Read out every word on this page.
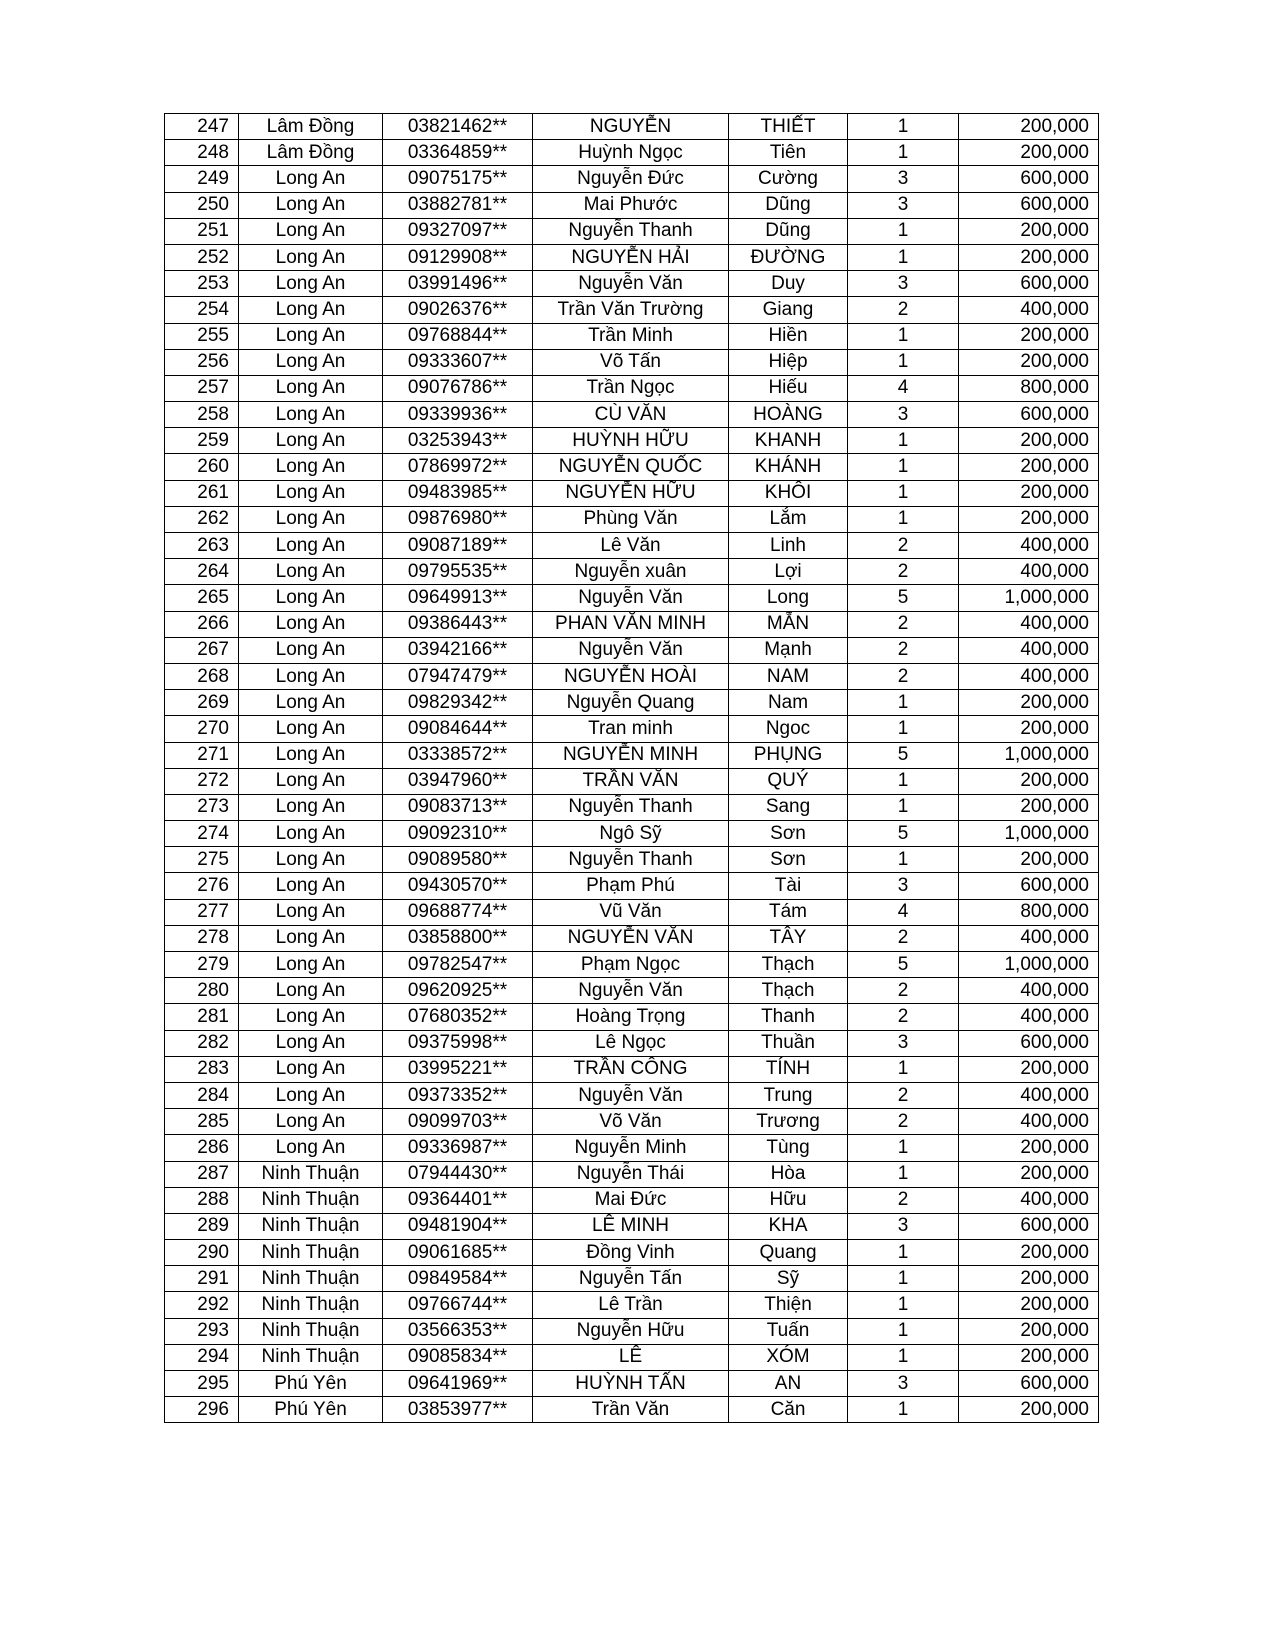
247	Lâm Đồng	03821462**	NGUYỄN	THIẾT	1	200,000
248	Lâm Đồng	03364859**	Huỳnh Ngọc	Tiên	1	200,000
249	Long An	09075175**	Nguyễn Đức	Cường	3	600,000
250	Long An	03882781**	Mai Phước	Dũng	3	600,000
251	Long An	09327097**	Nguyễn Thanh	Dũng	1	200,000
252	Long An	09129908**	NGUYỄN HẢI	ĐƯỜNG	1	200,000
253	Long An	03991496**	Nguyễn Văn	Duy	3	600,000
254	Long An	09026376**	Trần Văn Trường	Giang	2	400,000
255	Long An	09768844**	Trần Minh	Hiền	1	200,000
256	Long An	09333607**	Võ Tấn	Hiệp	1	200,000
257	Long An	09076786**	Trần Ngọc	Hiếu	4	800,000
258	Long An	09339936**	CÙ VĂN	HOÀNG	3	600,000
259	Long An	03253943**	HUỲNH HỮU	KHANH	1	200,000
260	Long An	07869972**	NGUYỄN QUỐC	KHÁNH	1	200,000
261	Long An	09483985**	NGUYỄN HỮU	KHÔI	1	200,000
262	Long An	09876980**	Phùng Văn	Lắm	1	200,000
263	Long An	09087189**	Lê Văn	Linh	2	400,000
264	Long An	09795535**	Nguyễn xuân	Lợi	2	400,000
265	Long An	09649913**	Nguyễn Văn	Long	5	1,000,000
266	Long An	09386443**	PHAN VĂN MINH	MẪN	2	400,000
267	Long An	03942166**	Nguyễn Văn	Mạnh	2	400,000
268	Long An	07947479**	NGUYỄN HOÀI	NAM	2	400,000
269	Long An	09829342**	Nguyễn Quang	Nam	1	200,000
270	Long An	09084644**	Tran minh	Ngoc	1	200,000
271	Long An	03338572**	NGUYỄN MINH	PHỤNG	5	1,000,000
272	Long An	03947960**	TRẦN VĂN	QUÝ	1	200,000
273	Long An	09083713**	Nguyễn Thanh	Sang	1	200,000
274	Long An	09092310**	Ngô Sỹ	Sơn	5	1,000,000
275	Long An	09089580**	Nguyễn Thanh	Sơn	1	200,000
276	Long An	09430570**	Phạm Phú	Tài	3	600,000
277	Long An	09688774**	Vũ Văn	Tám	4	800,000
278	Long An	03858800**	NGUYỄN VĂN	TÂY	2	400,000
279	Long An	09782547**	Phạm Ngọc	Thạch	5	1,000,000
280	Long An	09620925**	Nguyễn Văn	Thạch	2	400,000
281	Long An	07680352**	Hoàng Trọng	Thanh	2	400,000
282	Long An	09375998**	Lê Ngọc	Thuần	3	600,000
283	Long An	03995221**	TRẦN CÔNG	TÍNH	1	200,000
284	Long An	09373352**	Nguyễn Văn	Trung	2	400,000
285	Long An	09099703**	Võ Văn	Trương	2	400,000
286	Long An	09336987**	Nguyễn Minh	Tùng	1	200,000
287	Ninh Thuận	07944430**	Nguyễn Thái	Hòa	1	200,000
288	Ninh Thuận	09364401**	Mai Đức	Hữu	2	400,000
289	Ninh Thuận	09481904**	LÊ MINH	KHA	3	600,000
290	Ninh Thuận	09061685**	Đồng Vinh	Quang	1	200,000
291	Ninh Thuận	09849584**	Nguyễn Tấn	Sỹ	1	200,000
292	Ninh Thuận	09766744**	Lê Trần	Thiện	1	200,000
293	Ninh Thuận	03566353**	Nguyễn Hữu	Tuấn	1	200,000
294	Ninh Thuận	09085834**	LÊ	XÓM	1	200,000
295	Phú Yên	09641969**	HUỲNH TẤN	AN	3	600,000
296	Phú Yên	03853977**	Trần Văn	Căn	1	200,000
